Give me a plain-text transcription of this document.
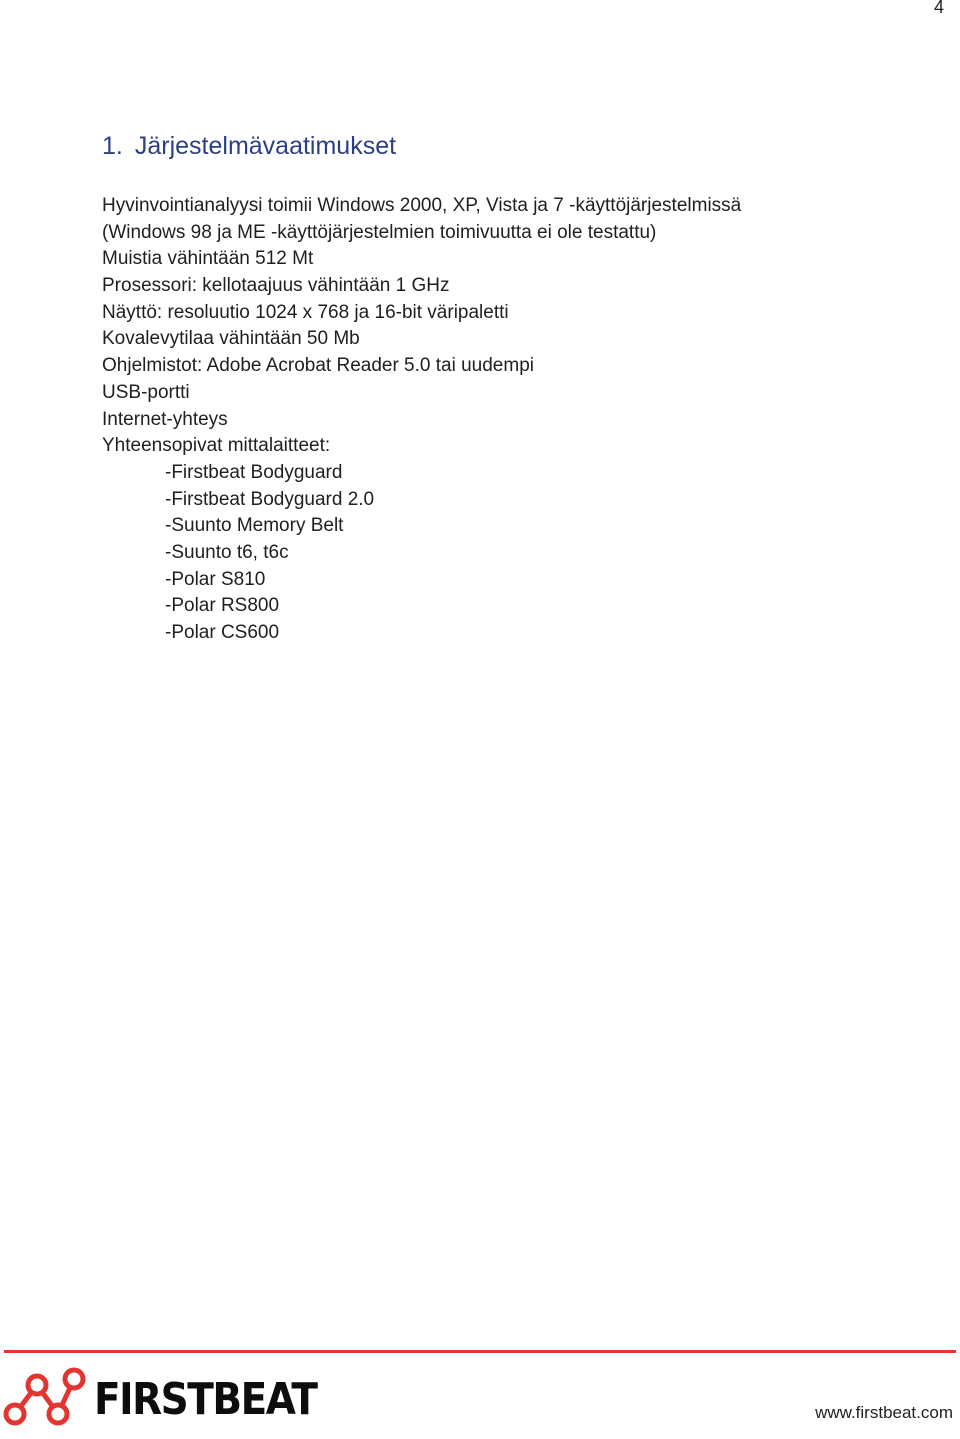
4
1. Järjestelmävaatimukset
Hyvinvointianalyysi toimii Windows 2000, XP, Vista ja 7 -käyttöjärjestelmissä
(Windows 98 ja ME -käyttöjärjestelmien toimivuutta ei ole testattu)
Muistia vähintään 512 Mt
Prosessori: kellotaajuus vähintään 1 GHz
Näyttö: resoluutio 1024 x 768 ja 16-bit väripaletti
Kovalevytilaa vähintään 50 Mb
Ohjelmistot: Adobe Acrobat Reader 5.0 tai uudempi
USB-portti
Internet-yhteys
Yhteensopivat mittalaitteet:
-Firstbeat Bodyguard
-Firstbeat Bodyguard 2.0
-Suunto Memory Belt
-Suunto t6, t6c
-Polar S810
-Polar RS800
-Polar CS600
FIRSTBEAT	www.firstbeat.com
